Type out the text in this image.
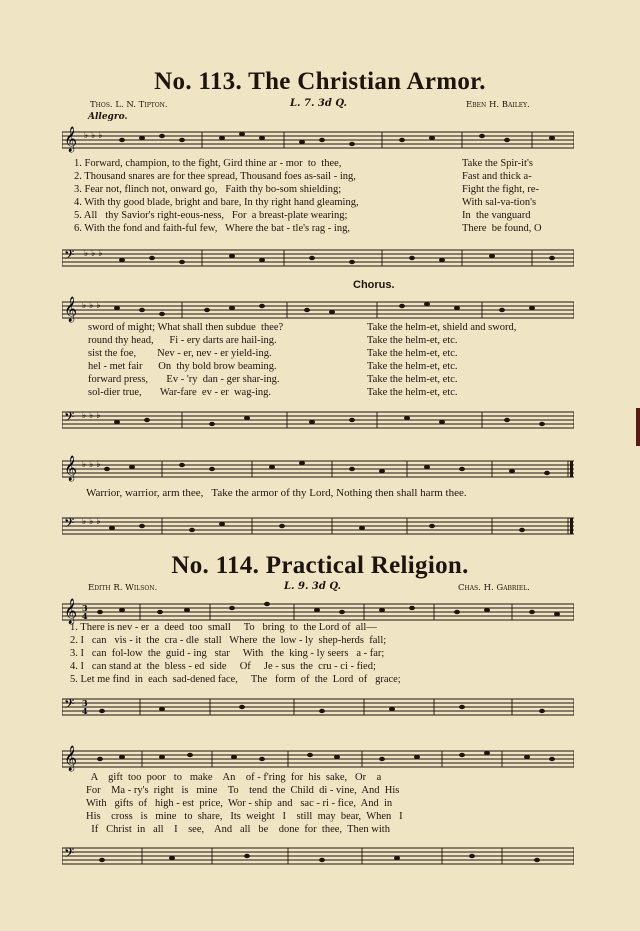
No. 113. The Christian Armor.
Thos. L. N. Tipton.	L. 7. 3d Q.	Eben H. Bailey.
Allegro.
𝄞 ♭ ♭ ♭
1. Forward, champion, to the fight, Gird thine ar - mor  to  thee,	Take the Spir-it's
2. Thousand snares are for thee spread, Thousand foes as-sail - ing,	Fast and thick a-
3. Fear not, flinch not, onward go,   Faith thy bo-som shielding;	Fight the fight, re-
4. With thy good blade, bright and bare, In thy right hand gleaming,	With sal-va-tion's
5. All   thy Savior's right-eous-ness,   For  a breast-plate wearing;	In  the vanguard
6. With the fond and faith-ful few,   Where the bat - tle's rag - ing,	There  be found, O
𝄢 ♭ ♭ ♭
Chorus.
𝄞 ♭ ♭ ♭
sword of might; What shall then subdue  thee?	Take the helm-et, shield and sword,
round thy head,      Fi - ery darts are hail-ing.	Take the helm-et, etc.
sist the foe,        Nev - er, nev - er yield-ing.	Take the helm-et, etc.
hel - met fair      On  thy bold brow beaming.	Take the helm-et, etc.
forward press,       Ev - 'ry  dan - ger shar-ing.	Take the helm-et, etc.
sol-dier true,       War-fare  ev - er  wag-ing.	Take the helm-et, etc.
𝄢 ♭ ♭ ♭
𝄞 ♭ ♭ ♭
Warrior, warrior, arm thee,   Take the armor of thy Lord, Nothing then shall harm thee.
𝄢 ♭ ♭ ♭
No. 114. Practical Religion.
Edith R. Wilson.	L. 9. 3d Q.	Chas. H. Gabriel.
𝄞 3
4
1. There is nev - er  a  deed  too  small     To   bring  to  the Lord of  all—
2. I   can   vis - it  the  cra - dle  stall   Where  the  low - ly  shep-herds  fall;
3. I   can  fol-low  the  guid - ing   star     With   the  king - ly seers   a - far;
4. I   can stand at  the  bless - ed  side     Of     Je - sus  the  cru - ci - fied;
5. Let me find  in  each  sad-dened face,     The   form  of  the  Lord  of   grace;
𝄢 3
4
𝄞
A    gift  too  poor   to   make    An    of - f'ring  for  his  sake,   Or    a
For    Ma - ry's  right   is   mine    To    tend  the  Child  di - vine,  And  His
With   gifts  of   high - est  price,  Wor - ship  and   sac - ri - fice,  And  in
His    cross   is   mine   to  share,   Its  weight   I    still  may  bear,  When   I
If   Christ  in   all    I    see,    And   all   be    done  for  thee,  Then with
𝄢
